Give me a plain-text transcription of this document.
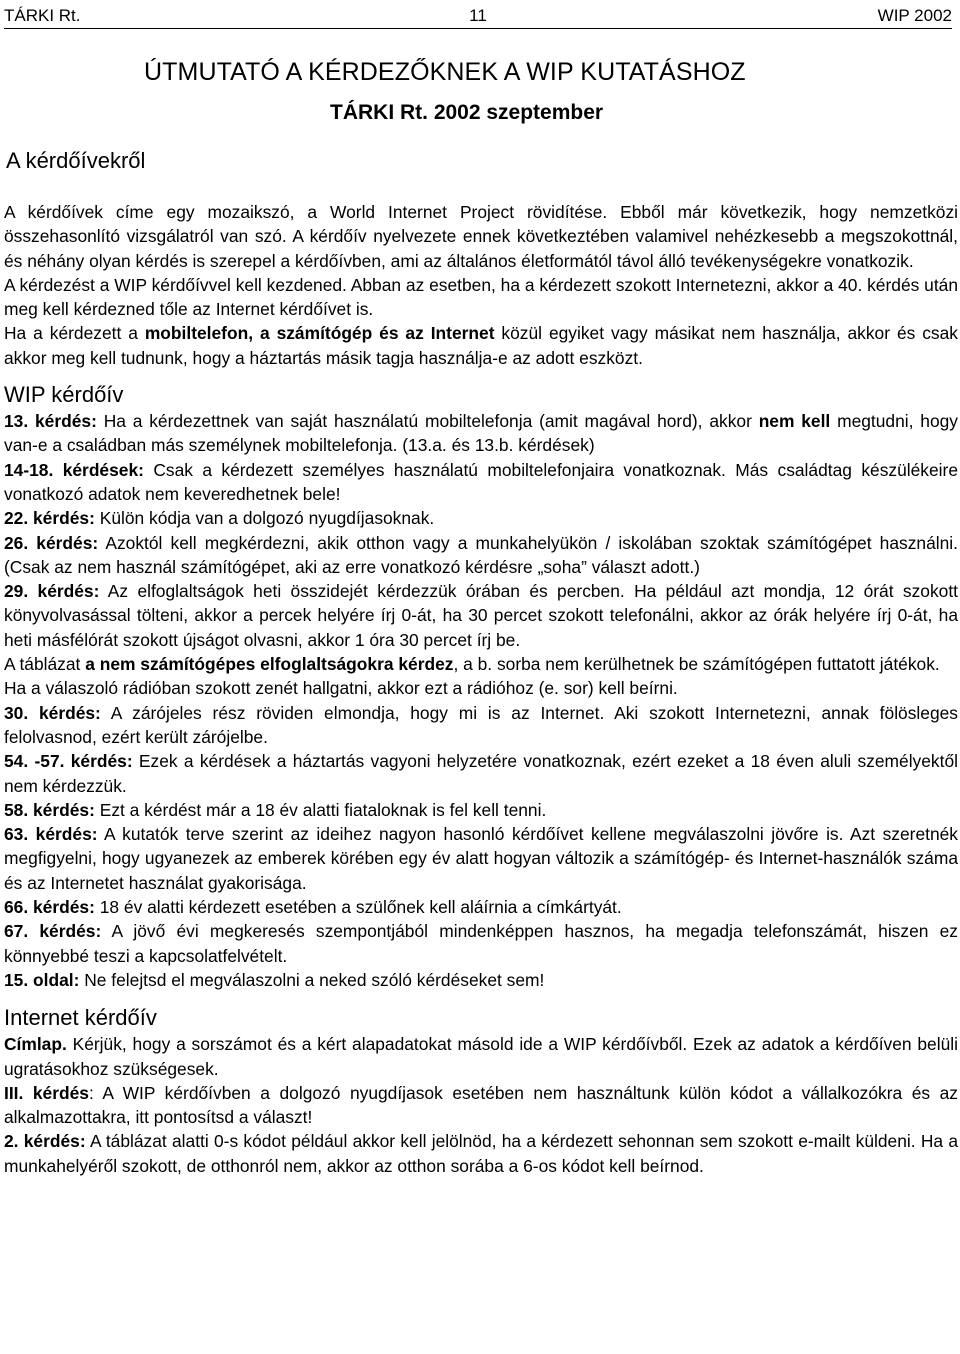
TÁRKI Rt.	11	WIP 2002
ÚTMUTATÓ A KÉRDEZŐKNEK A WIP KUTATÁSHOZ
TÁRKI Rt. 2002 szeptember
A kérdőívekről

A kérdőívek címe egy mozaikszó, a World Internet Project rövidítése. Ebből már következik, hogy nemzetközi összehasonlító vizsgálatról van szó. A kérdőív nyelvezete ennek következtében valamivel nehézkesebb a megszokottnál, és néhány olyan kérdés is szerepel a kérdőívben, ami az általános életformától távol álló tevékenységekre vonatkozik.

A kérdezést a WIP kérdőívvel kell kezdened. Abban az esetben, ha a kérdezett szokott Internetezni, akkor a 40. kérdés után meg kell kérdezned tőle az Internet kérdőívet is.

Ha a kérdezett a mobiltelefon, a számítógép és az Internet közül egyiket vagy másikat nem használja, akkor és csak akkor meg kell tudnunk, hogy a háztartás másik tagja használja-e az adott eszközt.

WIP kérdőív

13. kérdés: Ha a kérdezettnek van saját használatú mobiltelefonja (amit magával hord), akkor nem kell megtudni, hogy van-e a családban más személynek mobiltelefonja. (13.a. és 13.b. kérdések)

14-18. kérdések: Csak a kérdezett személyes használatú mobiltelefonjaira vonatkoznak. Más családtag készülékeire vonatkozó adatok nem keveredhetnek bele!

22. kérdés: Külön kódja van a dolgozó nyugdíjasoknak.

26. kérdés: Azoktól kell megkérdezni, akik otthon vagy a munkahelyükön / iskolában szoktak számítógépet használni. (Csak az nem használ számítógépet, aki az erre vonatkozó kérdésre „soha” választ adott.)

29. kérdés: Az elfoglaltságok heti összidejét kérdezzük órában és percben. Ha például azt mondja, 12 órát szokott könyvolvasással tölteni, akkor a percek helyére írj 0-át, ha 30 percet szokott telefonálni, akkor az órák helyére írj 0-át, ha heti másfélórát szokott újságot olvasni, akkor 1 óra 30 percet írj be.

A táblázat a nem számítógépes elfoglaltságokra kérdez, a b. sorba nem kerülhetnek be számítógépen futtatott játékok.

Ha a válaszoló rádióban szokott zenét hallgatni, akkor ezt a rádióhoz (e. sor) kell beírni.

30. kérdés: A zárójeles rész röviden elmondja, hogy mi is az Internet. Aki szokott Internetezni, annak fölösleges felolvasnod, ezért került zárójelbe.

54. -57. kérdés: Ezek a kérdések a háztartás vagyoni helyzetére vonatkoznak, ezért ezeket a 18 éven aluli személyektől nem kérdezzük.

58. kérdés: Ezt a kérdést már a 18 év alatti fiataloknak is fel kell tenni.

63. kérdés: A kutatók terve szerint az ideihez nagyon hasonló kérdőívet kellene megválaszolni jövőre is. Azt szeretnék megfigyelni, hogy ugyanezek az emberek körében egy év alatt hogyan változik a számítógép- és Internet-használók száma és az Internetet használat gyakorisága.

66. kérdés: 18 év alatti kérdezett esetében a szülőnek kell aláírnia a címkártyát.

67. kérdés: A jövő évi megkeresés szempontjából mindenképpen hasznos, ha megadja telefonszámát, hiszen ez könnyebbé teszi a kapcsolatfelvételt.

15. oldal: Ne felejtsd el megválaszolni a neked szóló kérdéseket sem!

Internet kérdőív

Címlap. Kérjük, hogy a sorszámot és a kért alapadatokat másold ide a WIP kérdőívből. Ezek az adatok a kérdőíven belüli ugratásokhoz szükségesek.

III. kérdés: A WIP kérdőívben a dolgozó nyugdíjasok esetében nem használtunk külön kódot a vállalkozókra és az alkalmazottakra, itt pontosítsd a választ!

2. kérdés: A táblázat alatti 0-s kódot például akkor kell jelölnöd, ha a kérdezett sehonnan sem szokott e-mailt küldeni. Ha a munkahelyéről szokott, de otthonról nem, akkor az otthon sorába a 6-os kódot kell beírnod.
